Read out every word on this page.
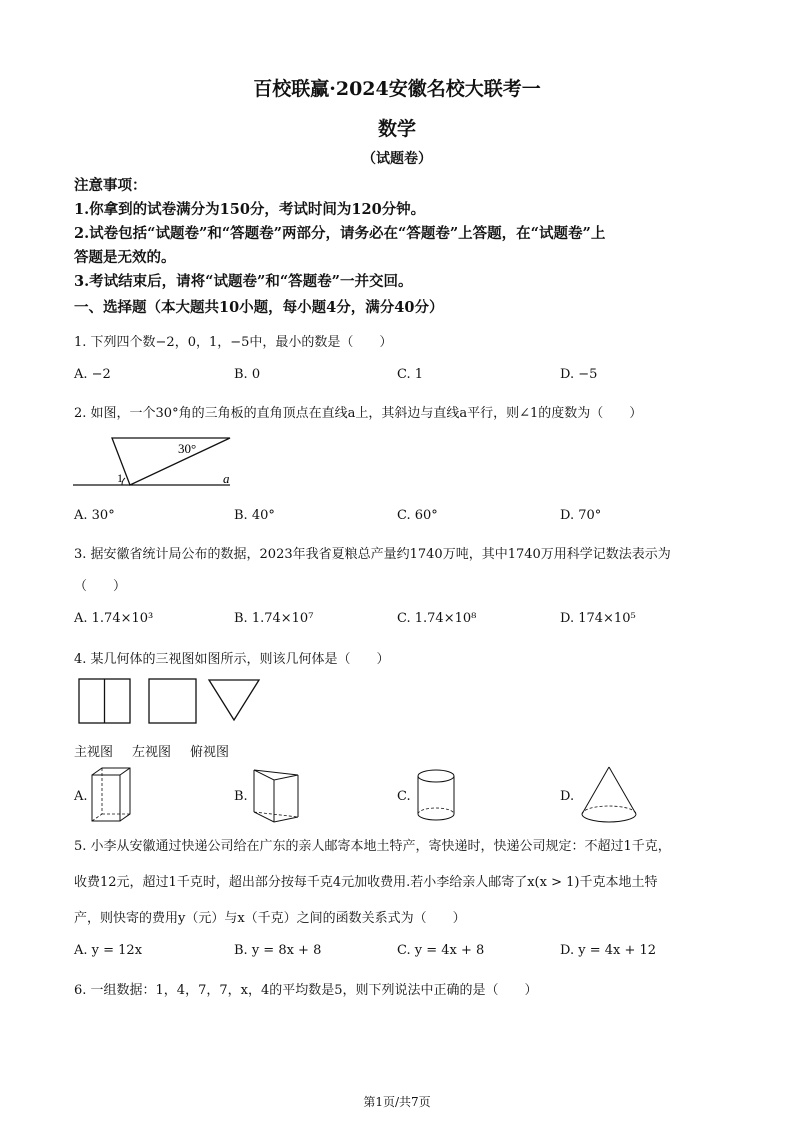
百校联赢·2024安徽名校大联考一
数学
（试题卷）
注意事项：
1.你拿到的试卷满分为150分，考试时间为120分钟。
2.试卷包括“试题卷”和“答题卷”两部分，请务必在“答题卷”上答题，在“试题卷”上
答题是无效的。
3.考试结束后，请将“试题卷”和“答题卷”一并交回。
一、选择题（本大题共10小题，每小题4分，满分40分）
1. 下列四个数−2，0，1，−5中，最小的数是（　　）
A. −2	B. 0	C. 1	D. −5
2. 如图，一个30°角的三角板的直角顶点在直线a上，其斜边与直线a平行，则∠1的度数为（　　）
30°
1	a
A. 30°	B. 40°	C. 60°	D. 70°
3. 据安徽省统计局公布的数据，2023年我省夏粮总产量约1740万吨，其中1740万用科学记数法表示为
（　　）
A. 1.74×10³	B. 1.74×10⁷	C. 1.74×10⁸	D. 174×10⁵
4. 某几何体的三视图如图所示，则该几何体是（　　）
主视图 左视图 俯视图
A.	B.	C.	D.
5. 小李从安徽通过快递公司给在广东的亲人邮寄本地土特产，寄快递时，快递公司规定：不超过1千克，
收费12元，超过1千克时，超出部分按每千克4元加收费用.若小李给亲人邮寄了x(x > 1)千克本地土特
产，则快寄的费用y（元）与x（千克）之间的函数关系式为（　　）
A. y = 12x	B. y = 8x + 8	C. y = 4x + 8	D. y = 4x + 12
6. 一组数据：1，4，7，7，x，4的平均数是5，则下列说法中正确的是（　　）
第1页/共7页
